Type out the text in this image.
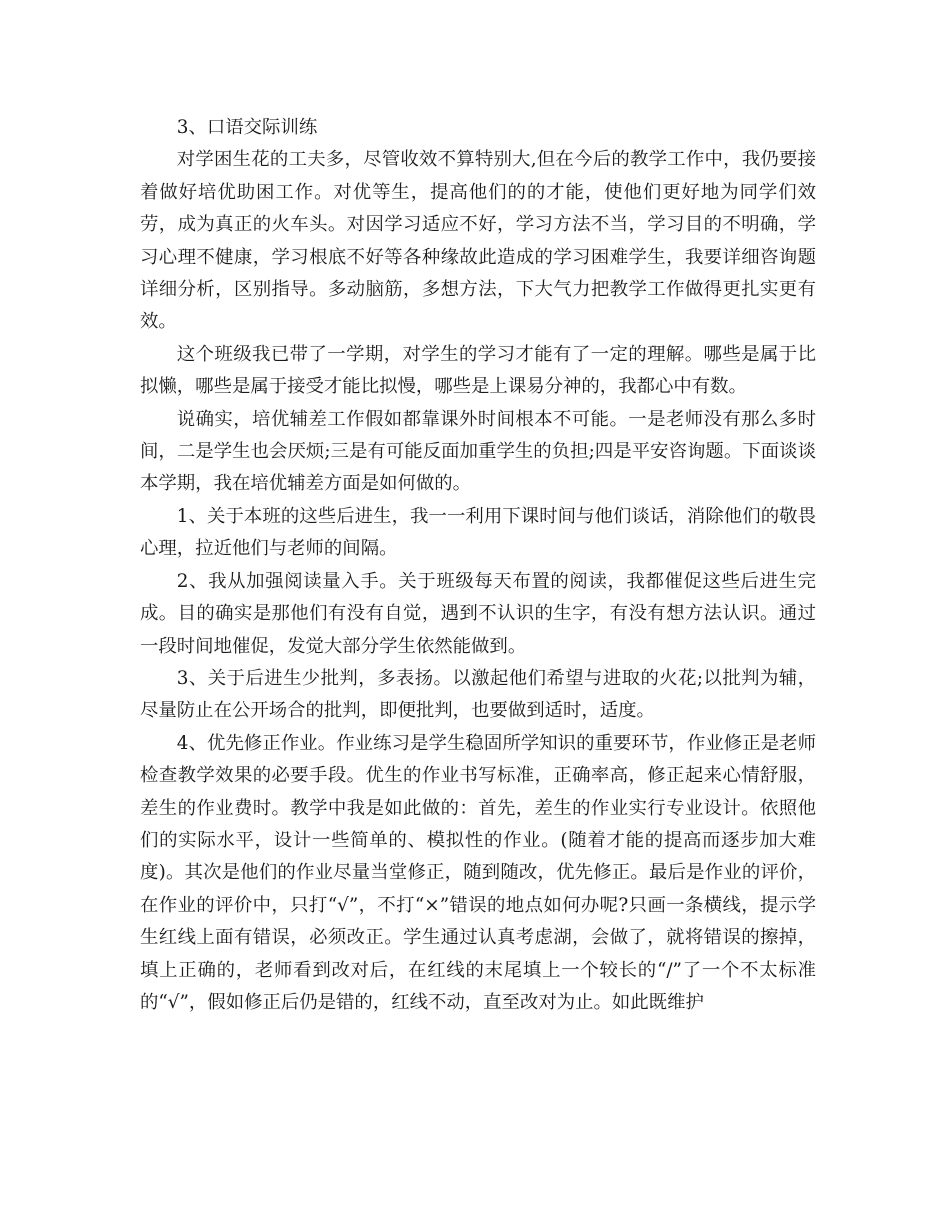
3、口语交际训练

对学困生花的工夫多，尽管收效不算特别大,但在今后的教学工作中，我仍要接着做好培优助困工作。对优等生，提高他们的的才能，使他们更好地为同学们效劳，成为真正的火车头。对因学习适应不好，学习方法不当，学习目的不明确，学习心理不健康，学习根底不好等各种缘故此造成的学习困难学生，我要详细咨询题详细分析，区别指导。多动脑筋，多想方法，下大气力把教学工作做得更扎实更有效。

这个班级我已带了一学期，对学生的学习才能有了一定的理解。哪些是属于比拟懒，哪些是属于接受才能比拟慢，哪些是上课易分神的，我都心中有数。

说确实，培优辅差工作假如都靠课外时间根本不可能。一是老师没有那么多时间，二是学生也会厌烦;三是有可能反面加重学生的负担;四是平安咨询题。下面谈谈本学期，我在培优辅差方面是如何做的。

1、关于本班的这些后进生，我一一利用下课时间与他们谈话，消除他们的敬畏心理，拉近他们与老师的间隔。

2、我从加强阅读量入手。关于班级每天布置的阅读，我都催促这些后进生完成。目的确实是那他们有没有自觉，遇到不认识的生字，有没有想方法认识。通过一段时间地催促，发觉大部分学生依然能做到。

3、关于后进生少批判，多表扬。以激起他们希望与进取的火花;以批判为辅，尽量防止在公开场合的批判，即便批判，也要做到适时，适度。

4、优先修正作业。作业练习是学生稳固所学知识的重要环节，作业修正是老师检查教学效果的必要手段。优生的作业书写标准，正确率高，修正起来心情舒服，差生的作业费时。教学中我是如此做的：首先，差生的作业实行专业设计。依照他们的实际水平，设计一些简单的、模拟性的作业。(随着才能的提高而逐步加大难度)。其次是他们的作业尽量当堂修正，随到随改，优先修正。最后是作业的评价，在作业的评价中，只打“√”，不打“×”错误的地点如何办呢?只画一条横线，提示学生红线上面有错误，必须改正。学生通过认真考虑湖，会做了，就将错误的擦掉，填上正确的，老师看到改对后，在红线的末尾填上一个较长的“/”了一个不太标准的“√”，假如修正后仍是错的，红线不动，直至改对为止。如此既维护
